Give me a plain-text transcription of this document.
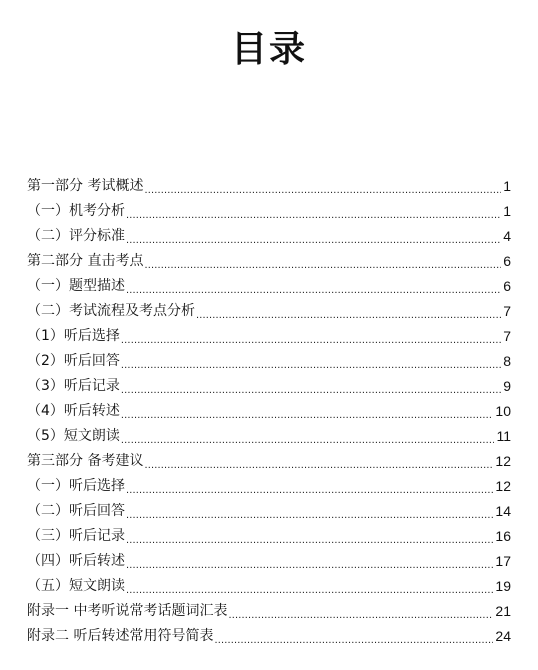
目录
第一部分 考试概述 .....	1
（一）机考分析 .....	1
（二）评分标准 .....	4
第二部分 直击考点 .....	6
（一）题型描述 .....	6
（二）考试流程及考点分析 .....	7
（1）听后选择 .....	7
（2）听后回答 .....	8
（3）听后记录 .....	9
（4）听后转述 .....	10
（5）短文朗读 .....	11
第三部分 备考建议 .....	12
（一）听后选择 .....	12
（二）听后回答 .....	14
（三）听后记录 .....	16
（四）听后转述 .....	17
（五）短文朗读 .....	19
附录一 中考听说常考话题词汇表 .....	21
附录二 听后转述常用符号简表 .....	24
